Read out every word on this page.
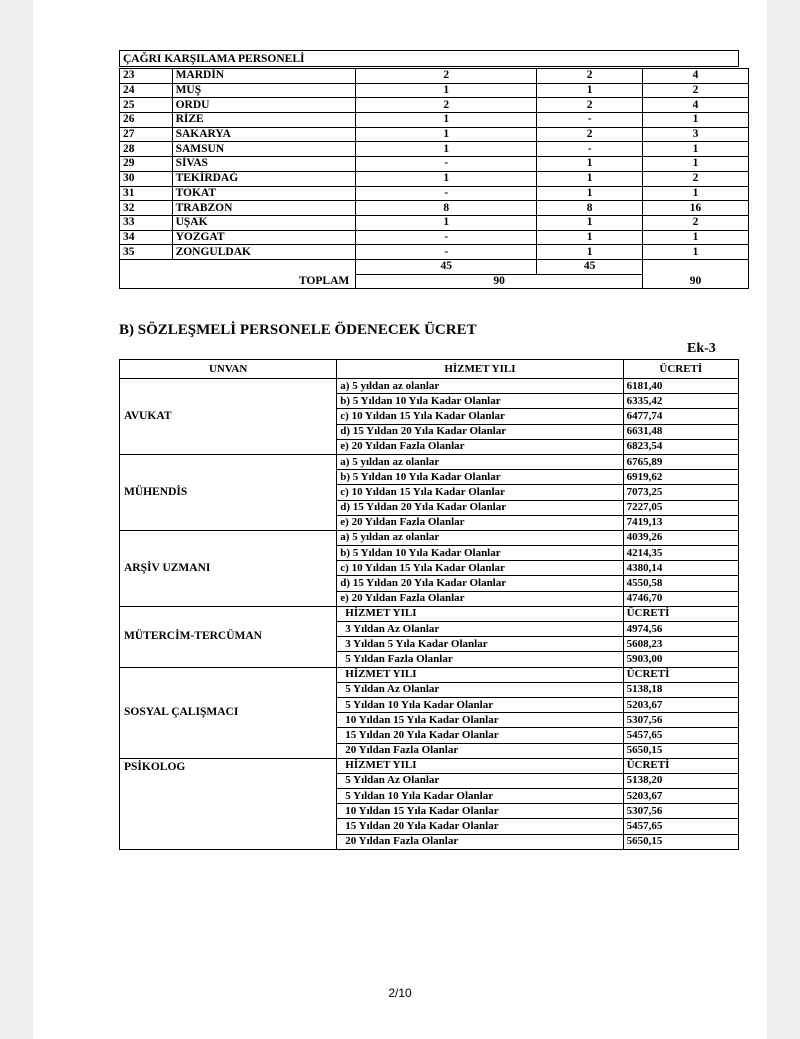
ÇAĞRI KARŞILAMA PERSONELİ
23	MARDİN	2	2	4
24	MUŞ	1	1	2
25	ORDU	2	2	4
26	RİZE	1	-	1
27	SAKARYA	1	2	3
28	SAMSUN	1	-	1
29	SİVAS	-	1	1
30	TEKİRDAĞ	1	1	2
31	TOKAT	-	1	1
32	TRABZON	8	8	16
33	UŞAK	1	1	2
34	YOZGAT	-	1	1
35	ZONGULDAK	-	1	1
		45	45	
TOPLAM		90		90
B) SÖZLEŞMELİ PERSONELE ÖDENECEK ÜCRET
Ek-3
UNVAN	HİZMET YILI	ÜCRETİ
AVUKAT	a) 5 yıldan az olanlar	6181,40
	b) 5 Yıldan 10 Yıla Kadar Olanlar	6335,42
	c) 10 Yıldan 15 Yıla Kadar Olanlar	6477,74
	d) 15 Yıldan 20 Yıla Kadar Olanlar	6631,48
	e) 20 Yıldan Fazla Olanlar	6823,54
MÜHENDİS	a) 5 yıldan az olanlar	6765,89
	b) 5 Yıldan 10 Yıla Kadar Olanlar	6919,62
	c) 10 Yıldan 15 Yıla Kadar Olanlar	7073,25
	d) 15 Yıldan 20 Yıla Kadar Olanlar	7227,05
	e) 20 Yıldan Fazla Olanlar	7419,13
ARŞİV UZMANI	a) 5 yıldan az olanlar	4039,26
	b) 5 Yıldan 10 Yıla Kadar Olanlar	4214,35
	c) 10 Yıldan 15 Yıla Kadar Olanlar	4380,14
	d) 15 Yıldan 20 Yıla Kadar Olanlar	4550,58
	e) 20 Yıldan Fazla Olanlar	4746,70
MÜTERCİM-TERCÜMAN	HİZMET YILI	ÜCRETİ
	3 Yıldan Az Olanlar	4974,56
	3 Yıldan 5 Yıla Kadar Olanlar	5608,23
	5 Yıldan Fazla Olanlar	5903,00
SOSYAL ÇALIŞMACI	HİZMET YILI	ÜCRETİ
	5 Yıldan Az Olanlar	5138,18
	5 Yıldan 10 Yıla Kadar Olanlar	5203,67
	10 Yıldan 15 Yıla Kadar Olanlar	5307,56
	15 Yıldan 20 Yıla Kadar Olanlar	5457,65
	20 Yıldan Fazla Olanlar	5650,15
PSİKOLOG	HİZMET YILI	ÜCRETİ
	5 Yıldan Az Olanlar	5138,20
	5 Yıldan 10 Yıla Kadar Olanlar	5203,67
	10 Yıldan 15 Yıla Kadar Olanlar	5307,56
	15 Yıldan 20 Yıla Kadar Olanlar	5457,65
	20 Yıldan Fazla Olanlar	5650,15
2/10
